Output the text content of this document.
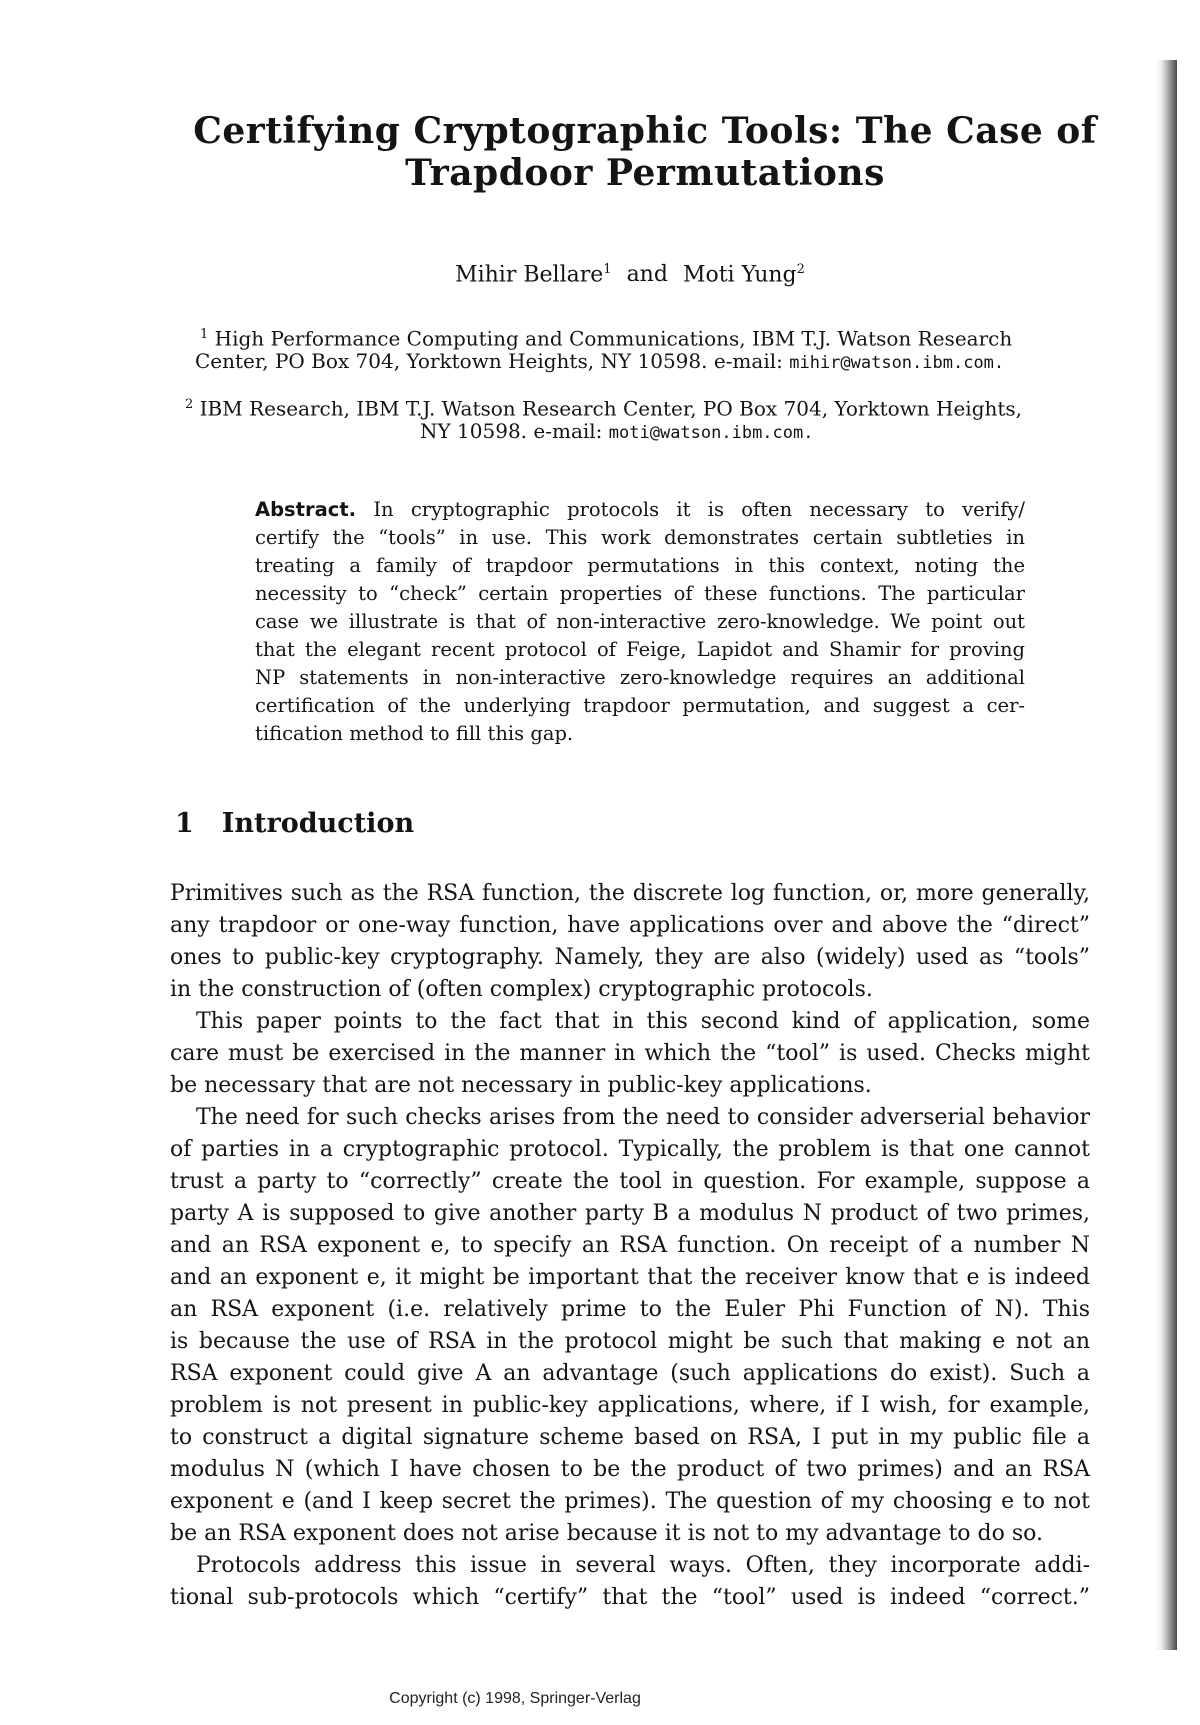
Certifying Cryptographic Tools: The Case of
Trapdoor Permutations
Mihir Bellare$^1$ and Moti Yung$^2$
$^1$ High Performance Computing and Communications, IBM T.J. Watson Research
Center, PO Box 704, Yorktown Heights, NY 10598. e-mail: mihir@watson.ibm.com.
$^2$ IBM Research, IBM T.J. Watson Research Center, PO Box 704, Yorktown Heights,
NY 10598. e-mail: moti@watson.ibm.com.
Abstract. In cryptographic protocols it is often necessary to verify/
certify the “tools” in use. This work demonstrates certain subtleties in
treating a family of trapdoor permutations in this context, noting the
necessity to “check” certain properties of these functions. The particular
case we illustrate is that of non-interactive zero-knowledge. We point out
that the elegant recent protocol of Feige, Lapidot and Shamir for proving
NP statements in non-interactive zero-knowledge requires an additional
certification of the underlying trapdoor permutation, and suggest a cer-
tification method to fill this gap.
1 Introduction
Primitives such as the RSA function, the discrete log function, or, more generally,
any trapdoor or one-way function, have applications over and above the “direct”
ones to public-key cryptography. Namely, they are also (widely) used as “tools”
in the construction of (often complex) cryptographic protocols.
This paper points to the fact that in this second kind of application, some
care must be exercised in the manner in which the “tool” is used. Checks might
be necessary that are not necessary in public-key applications.
The need for such checks arises from the need to consider adverserial behavior
of parties in a cryptographic protocol. Typically, the problem is that one cannot
trust a party to “correctly” create the tool in question. For example, suppose a
party A is supposed to give another party B a modulus N product of two primes,
and an RSA exponent e, to specify an RSA function. On receipt of a number N
and an exponent e, it might be important that the receiver know that e is indeed
an RSA exponent (i.e. relatively prime to the Euler Phi Function of N). This
is because the use of RSA in the protocol might be such that making e not an
RSA exponent could give A an advantage (such applications do exist). Such a
problem is not present in public-key applications, where, if I wish, for example,
to construct a digital signature scheme based on RSA, I put in my public file a
modulus N (which I have chosen to be the product of two primes) and an RSA
exponent e (and I keep secret the primes). The question of my choosing e to not
be an RSA exponent does not arise because it is not to my advantage to do so.
Protocols address this issue in several ways. Often, they incorporate addi-
tional sub-protocols which “certify” that the “tool” used is indeed “correct.”
Copyright (c) 1998, Springer-Verlag
